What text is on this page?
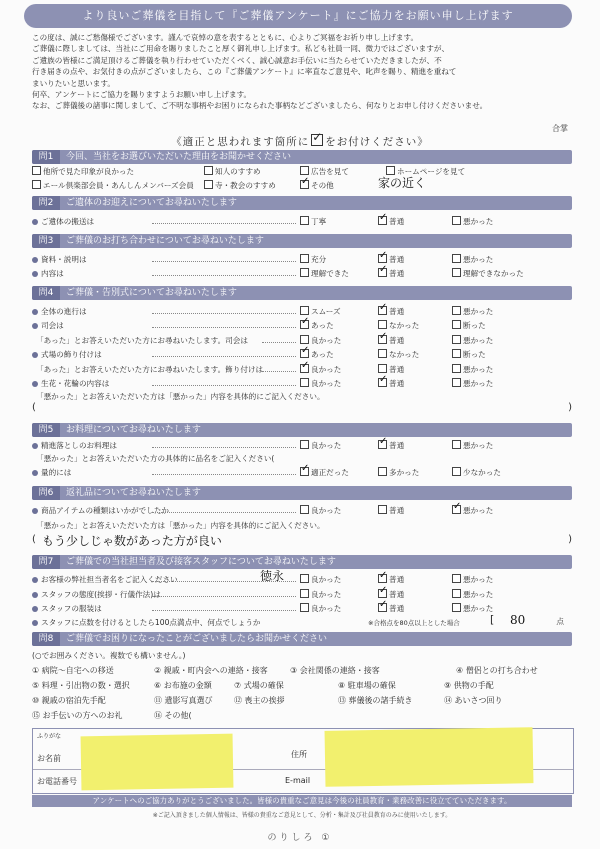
より良いご葬儀を目指して『ご葬儀アンケート』にご協力をお願い申し上げます
この度は、誠にご愁傷様でございます。謹んで哀悼の意を表するとともに、心よりご冥福をお祈り申し上げます。
ご葬儀に際しましては、当社にご用命を賜りましたこと厚く御礼申し上げます。私ども社員一同、微力ではございますが、
ご遺族の皆様にご満足頂けるご葬儀を執り行わせていただくべく、誠心誠意お手伝いに当たらせていただきましたが、不
行き届きの点や、お気付きの点がございましたら、この『ご葬儀アンケート』に率直なご意見や、叱声を賜り、精進を重ねて
まいりたいと思います。
何卒、アンケートにご協力を賜りますようお願い申し上げます。
なお、ご葬儀後の諸事に関しまして、ご不明な事柄やお困りになられた事柄などございましたら、何なりとお申し付けくださいませ。
合掌
《適正と思われます箇所に ✓ をお付けください》
問1 今回、当社をお選びいただいた理由をお聞かせください
他所で見た印象が良かった	知人のすすめ	広告を見て	ホームページを見て
エール倶楽部会員・あんしんメンバーズ会員	寺・教会のすすめ ✓	その他	家の近く
問2 ご遺体のお迎えについてお尋ねいたします
ご遺体の搬送は	丁寧 ✓	普通	悪かった
問3 ご葬儀のお打ち合わせについてお尋ねいたします
資料・説明は	充分 ✓	普通	悪かった
内容は	理解できた ✓	普通	理解できなかった
問4 ご葬儀・告別式についてお尋ねいたします
全体の進行は	スムーズ ✓	普通	悪かった
司会は ✓	あった	なかった	断った
「あった」とお答えいただいた方にお尋ねいたします。司会は	良かった ✓	普通	悪かった
式場の飾り付けは ✓	あった	なかった	断った
「あった」とお答えいただいた方にお尋ねいたします。飾り付けは ✓	良かった	普通	悪かった
生花・花輪の内容は	良かった ✓	普通	悪かった
「悪かった」とお答えいただいた方は「悪かった」内容を具体的にご記入ください。
(	)
問5 お料理についてお尋ねいたします
精進落としのお料理は	良かった ✓	普通	悪かった
「悪かった」とお答えいただいた方の具体的に品名をご記入ください(
量的には ✓	適正だった	多かった	少なかった
問6 返礼品についてお尋ねいたします
商品アイテムの種類はいかがでしたか	良かった	普通 ✓	悪かった
「悪かった」とお答えいただいた方は「悪かった」内容を具体的にご記入ください。
(	)
もう少しじゃ数があった方が良い
問7 ご葬儀での当社担当者及び接客スタッフについてお尋ねいたします
お客様の弊社担当者名をご記入ください	良かった ✓	普通	悪かった
徳永
スタッフの態度(挨拶・行儀作法)は	良かった ✓	普通	悪かった
スタッフの服装は	良かった ✓	普通	悪かった
スタッフに点数を付けるとしたら100点満点中、何点でしょうか	※合格点を80点以上とした場合	80	点
[
問8 ご葬儀でお困りになったことがございましたらお聞かせください
(○でお囲みください。複数でも構いません。)
① 病院〜自宅への移送	② 親戚・町内会への連絡・接客	③ 会社関係の連絡・接客	④ 僧侶との打ち合わせ
⑤ 料理・引出物の数・選択	⑥ お布施の金額	⑦ 式場の確保	⑧ 駐車場の確保	⑨ 供物の手配
⑩ 親戚の宿泊先手配	⑪ 遺影写真選び	⑫ 喪主の挨拶	⑬ 葬儀後の諸手続き	⑭ あいさつ回り
⑮ お手伝いの方へのお礼	⑯ その他(
ふりがな
お名前	住所
お電話番号	E-mail
アンケートへのご協力ありがとうございました。皆様の貴重なご意見は今後の社員教育・業務改善に役立てていただきます。
※ご記入頂きました個人情報は、皆様の貴重なご意見として、分析・集計及び社員教育のみに使用いたします。
のりしろ ①
